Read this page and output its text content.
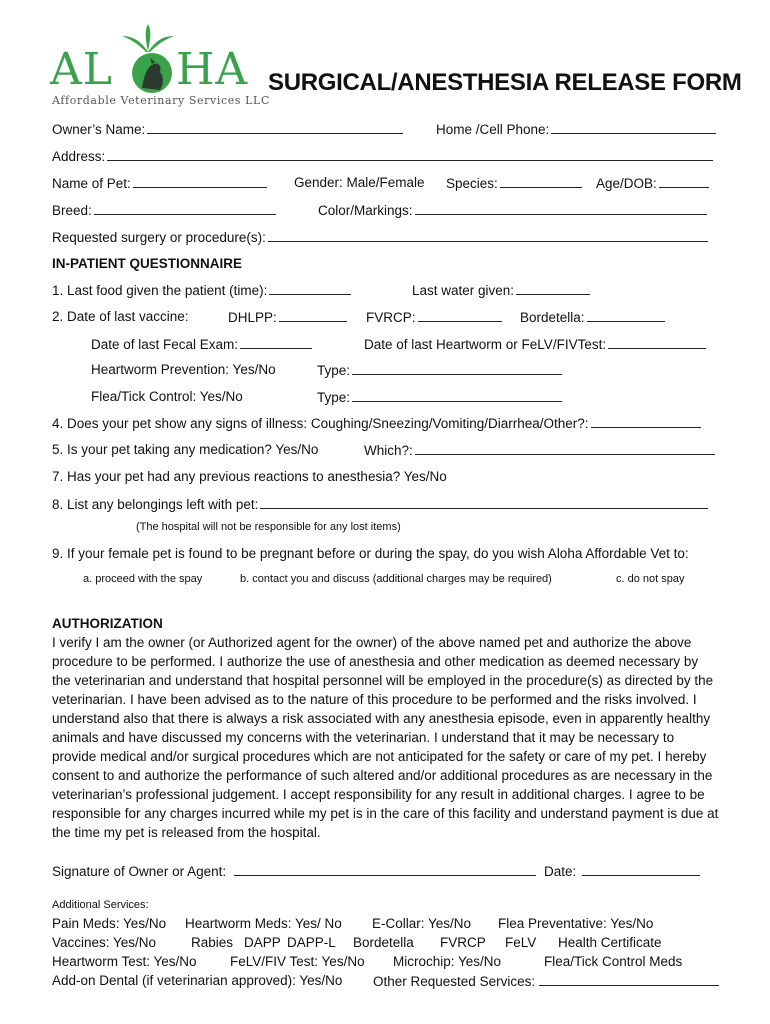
AL HA
Affordable Veterinary Services LLC
SURGICAL/ANESTHESIA RELEASE FORM
Owner’s Name:	Home /Cell Phone:
Address:
Name of Pet:	Gender: Male/Female Species:	Age/DOB:
Breed:	Color/Markings:
Requested surgery or procedure(s):
IN-PATIENT QUESTIONNAIRE
1. Last food given the patient (time):	Last water given:
2. Date of last vaccine:	DHLPP:	FVRCP:	Bordetella:
Date of last Fecal Exam:	Date of last Heartworm or FeLV/FIVTest:
Heartworm Prevention: Yes/No	Type:
Flea/Tick Control: Yes/No	Type:
4. Does your pet show any signs of illness: Coughing/Sneezing/Vomiting/Diarrhea/Other?:
5. Is your pet taking any medication? Yes/No	Which?:
7. Has your pet had any previous reactions to anesthesia? Yes/No
8. List any belongings left with pet:
(The hospital will not be responsible for any lost items)
9. If your female pet is found to be pregnant before or during the spay, do you wish Aloha Affordable Vet to:
a. proceed with the spay	b. contact you and discuss (additional charges may be required)	c. do not spay
AUTHORIZATION
I verify I am the owner (or Authorized agent for the owner) of the above named pet and authorize the above procedure to be performed. I authorize the use of anesthesia and other medication as deemed necessary by the veterinarian and understand that hospital personnel will be employed in the procedure(s) as directed by the veterinarian. I have been advised as to the nature of this procedure to be performed and the risks involved. I understand also that there is always a risk associated with any anesthesia episode, even in apparently healthy animals and have discussed my concerns with the veterinarian. I understand that it may be necessary to provide medical and/or surgical procedures which are not anticipated for the safety or care of my pet. I hereby consent to and authorize the performance of such altered and/or additional procedures as are necessary in the veterinarian’s professional judgement. I accept responsibility for any result in additional charges. I agree to be responsible for any charges incurred while my pet is in the care of this facility and understand payment is due at the time my pet is released from the hospital.
Signature of Owner or Agent:	Date:
Additional Services:
Pain Meds: Yes/No Heartworm Meds: Yes/ No E-Collar: Yes/No Flea Preventative: Yes/No
Vaccines: Yes/No	Rabies DAPP DAPP-L Bordetella FVRCP FeLV Health Certificate
Heartworm Test: Yes/No FeLV/FIV Test: Yes/No Microchip: Yes/No	Flea/Tick Control Meds
Add-on Dental (if veterinarian approved): Yes/No Other Requested Services:
